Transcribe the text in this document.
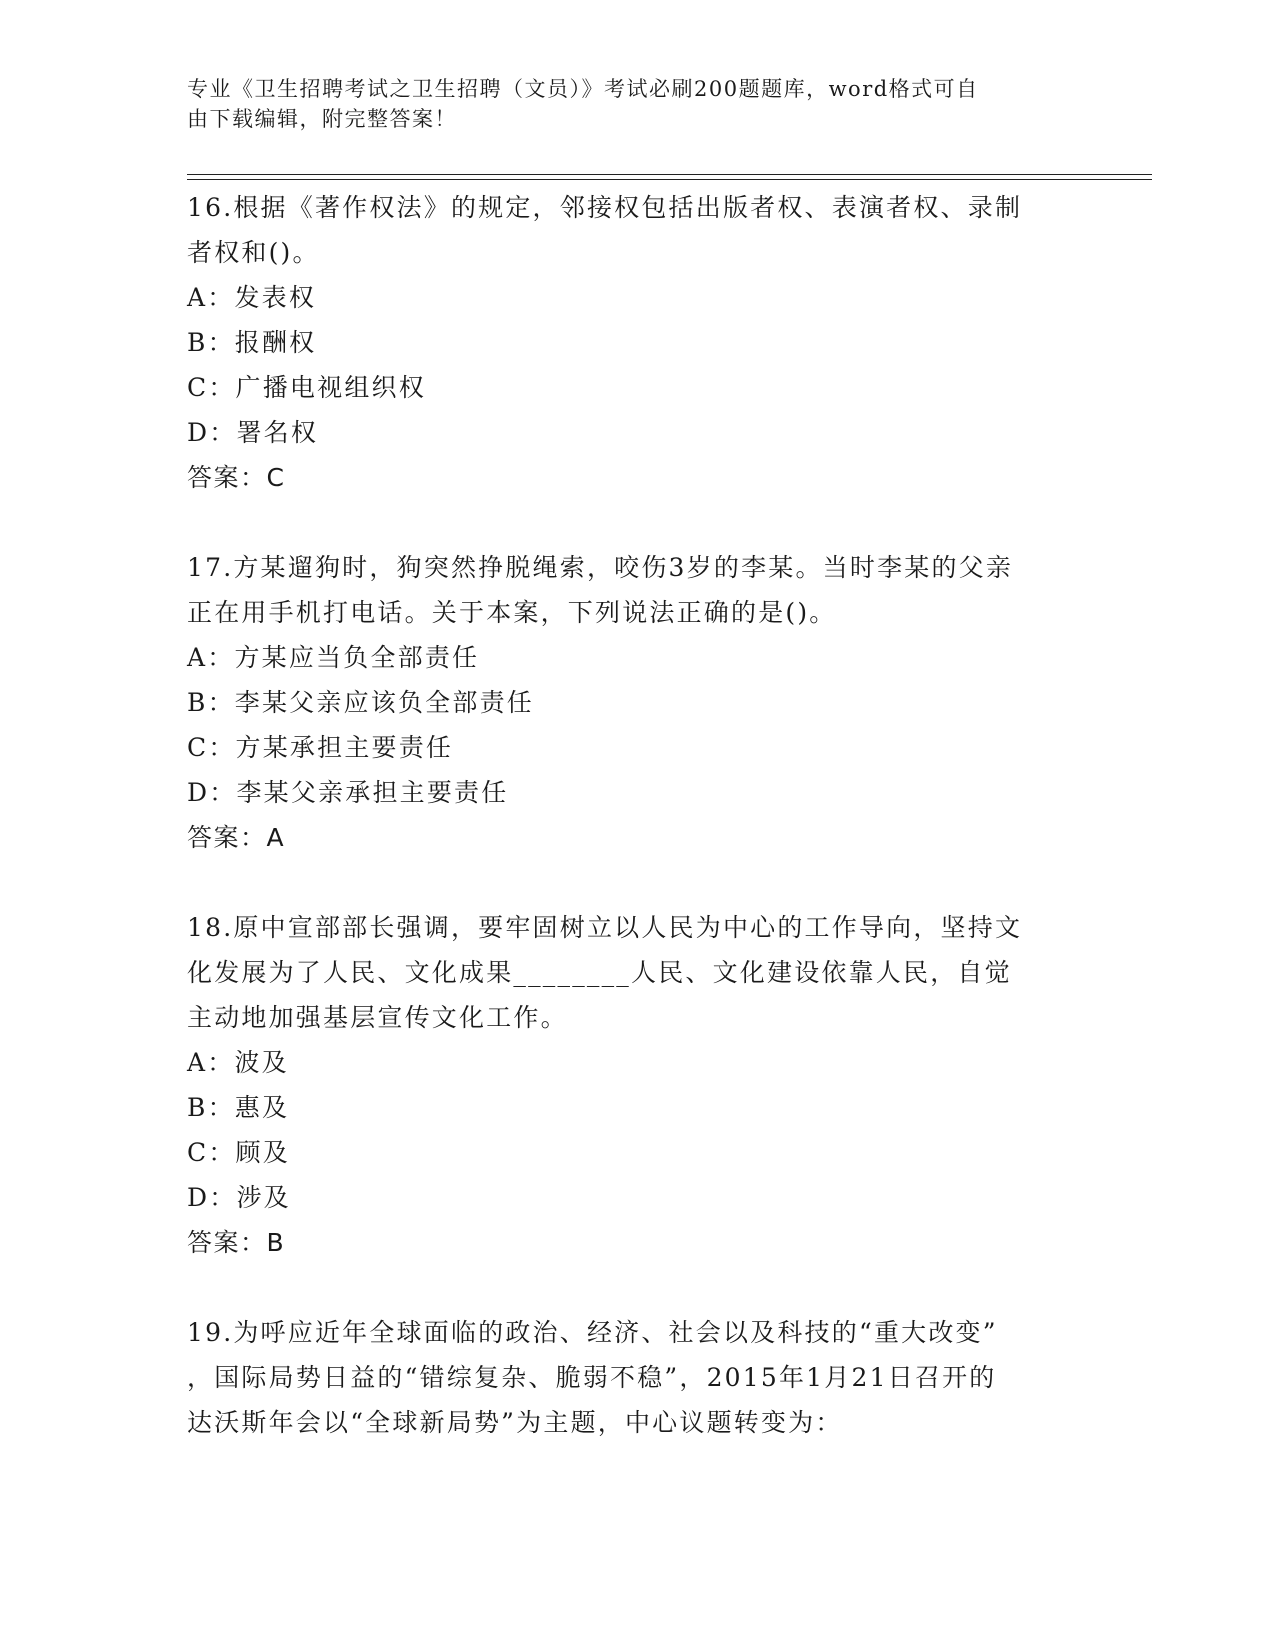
专业《卫生招聘考试之卫生招聘（文员）》考试必刷200题题库，word格式可自
由下载编辑，附完整答案！
16.根据《著作权法》的规定，邻接权包括出版者权、表演者权、录制
者权和()。
A：发表权
B：报酬权
C：广播电视组织权
D：署名权
答案：C
17.方某遛狗时，狗突然挣脱绳索，咬伤3岁的李某。当时李某的父亲
正在用手机打电话。关于本案，下列说法正确的是()。
A：方某应当负全部责任
B：李某父亲应该负全部责任
C：方某承担主要责任
D：李某父亲承担主要责任
答案：A
18.原中宣部部长强调，要牢固树立以人民为中心的工作导向，坚持文
化发展为了人民、文化成果________人民、文化建设依靠人民，自觉
主动地加强基层宣传文化工作。
A：波及
B：惠及
C：顾及
D：涉及
答案：B
19.为呼应近年全球面临的政治、经济、社会以及科技的“重大改变”
，国际局势日益的“错综复杂、脆弱不稳”，2015年1月21日召开的
达沃斯年会以“全球新局势”为主题，中心议题转变为：
